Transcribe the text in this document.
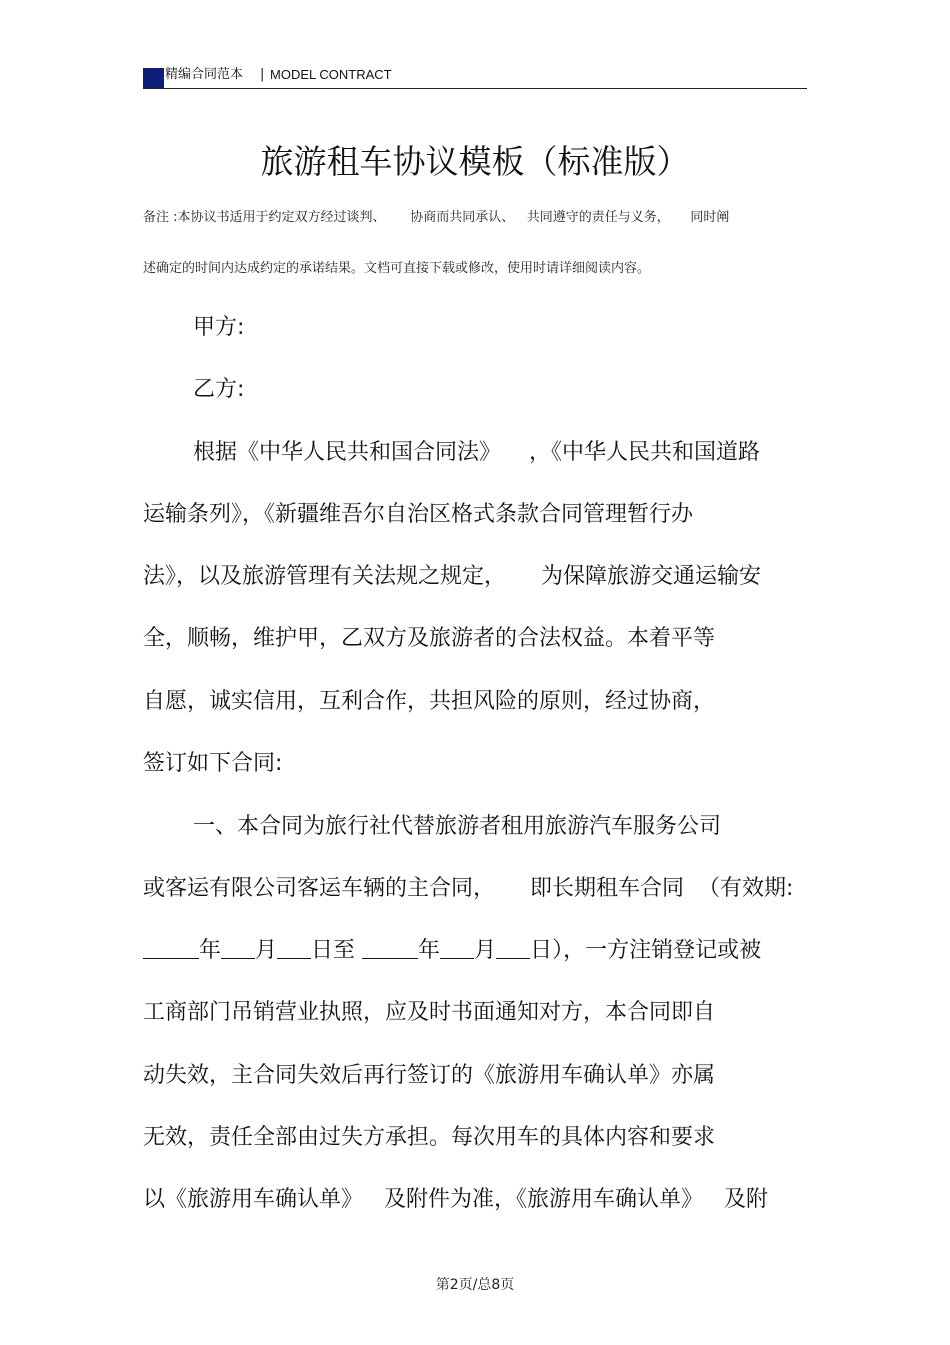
精编合同范本 | MODEL CONTRACT
旅游租车协议模板（标准版）
备注 :本协议书适用于约定双方经过谈判、      协商而共同承认、   共同遵守的责任与义务，     同时阐
述确定的时间内达成约定的承诺结果。文档可直接下载或修改，使用时请详细阅读内容。
甲方:
乙方:
根据《中华人民共和国合同法》    ，《中华人民共和国道路
运输条列》，《新疆维吾尔自治区格式条款合同管理暂行办
法》，以及旅游管理有关法规之规定，     为保障旅游交通运输安
全，顺畅，维护甲，乙双方及旅游者的合法权益。本着平等
自愿，诚实信用，互利合作，共担风险的原则，经过协商，
签订如下合同:
一、本合同为旅行社代替旅游者租用旅游汽车服务公司
或客运有限公司客运车辆的主合同，     即长期租车合同  （有效期:
年 月 日至	年 月 日），一方注销登记或被
工商部门吊销营业执照，应及时书面通知对方，本合同即自
动失效，主合同失效后再行签订的《旅游用车确认单》亦属
无效，责任全部由过失方承担。每次用车的具体内容和要求
以《旅游用车确认单》   及附件为准，《旅游用车确认单》   及附
第2页/总8页
